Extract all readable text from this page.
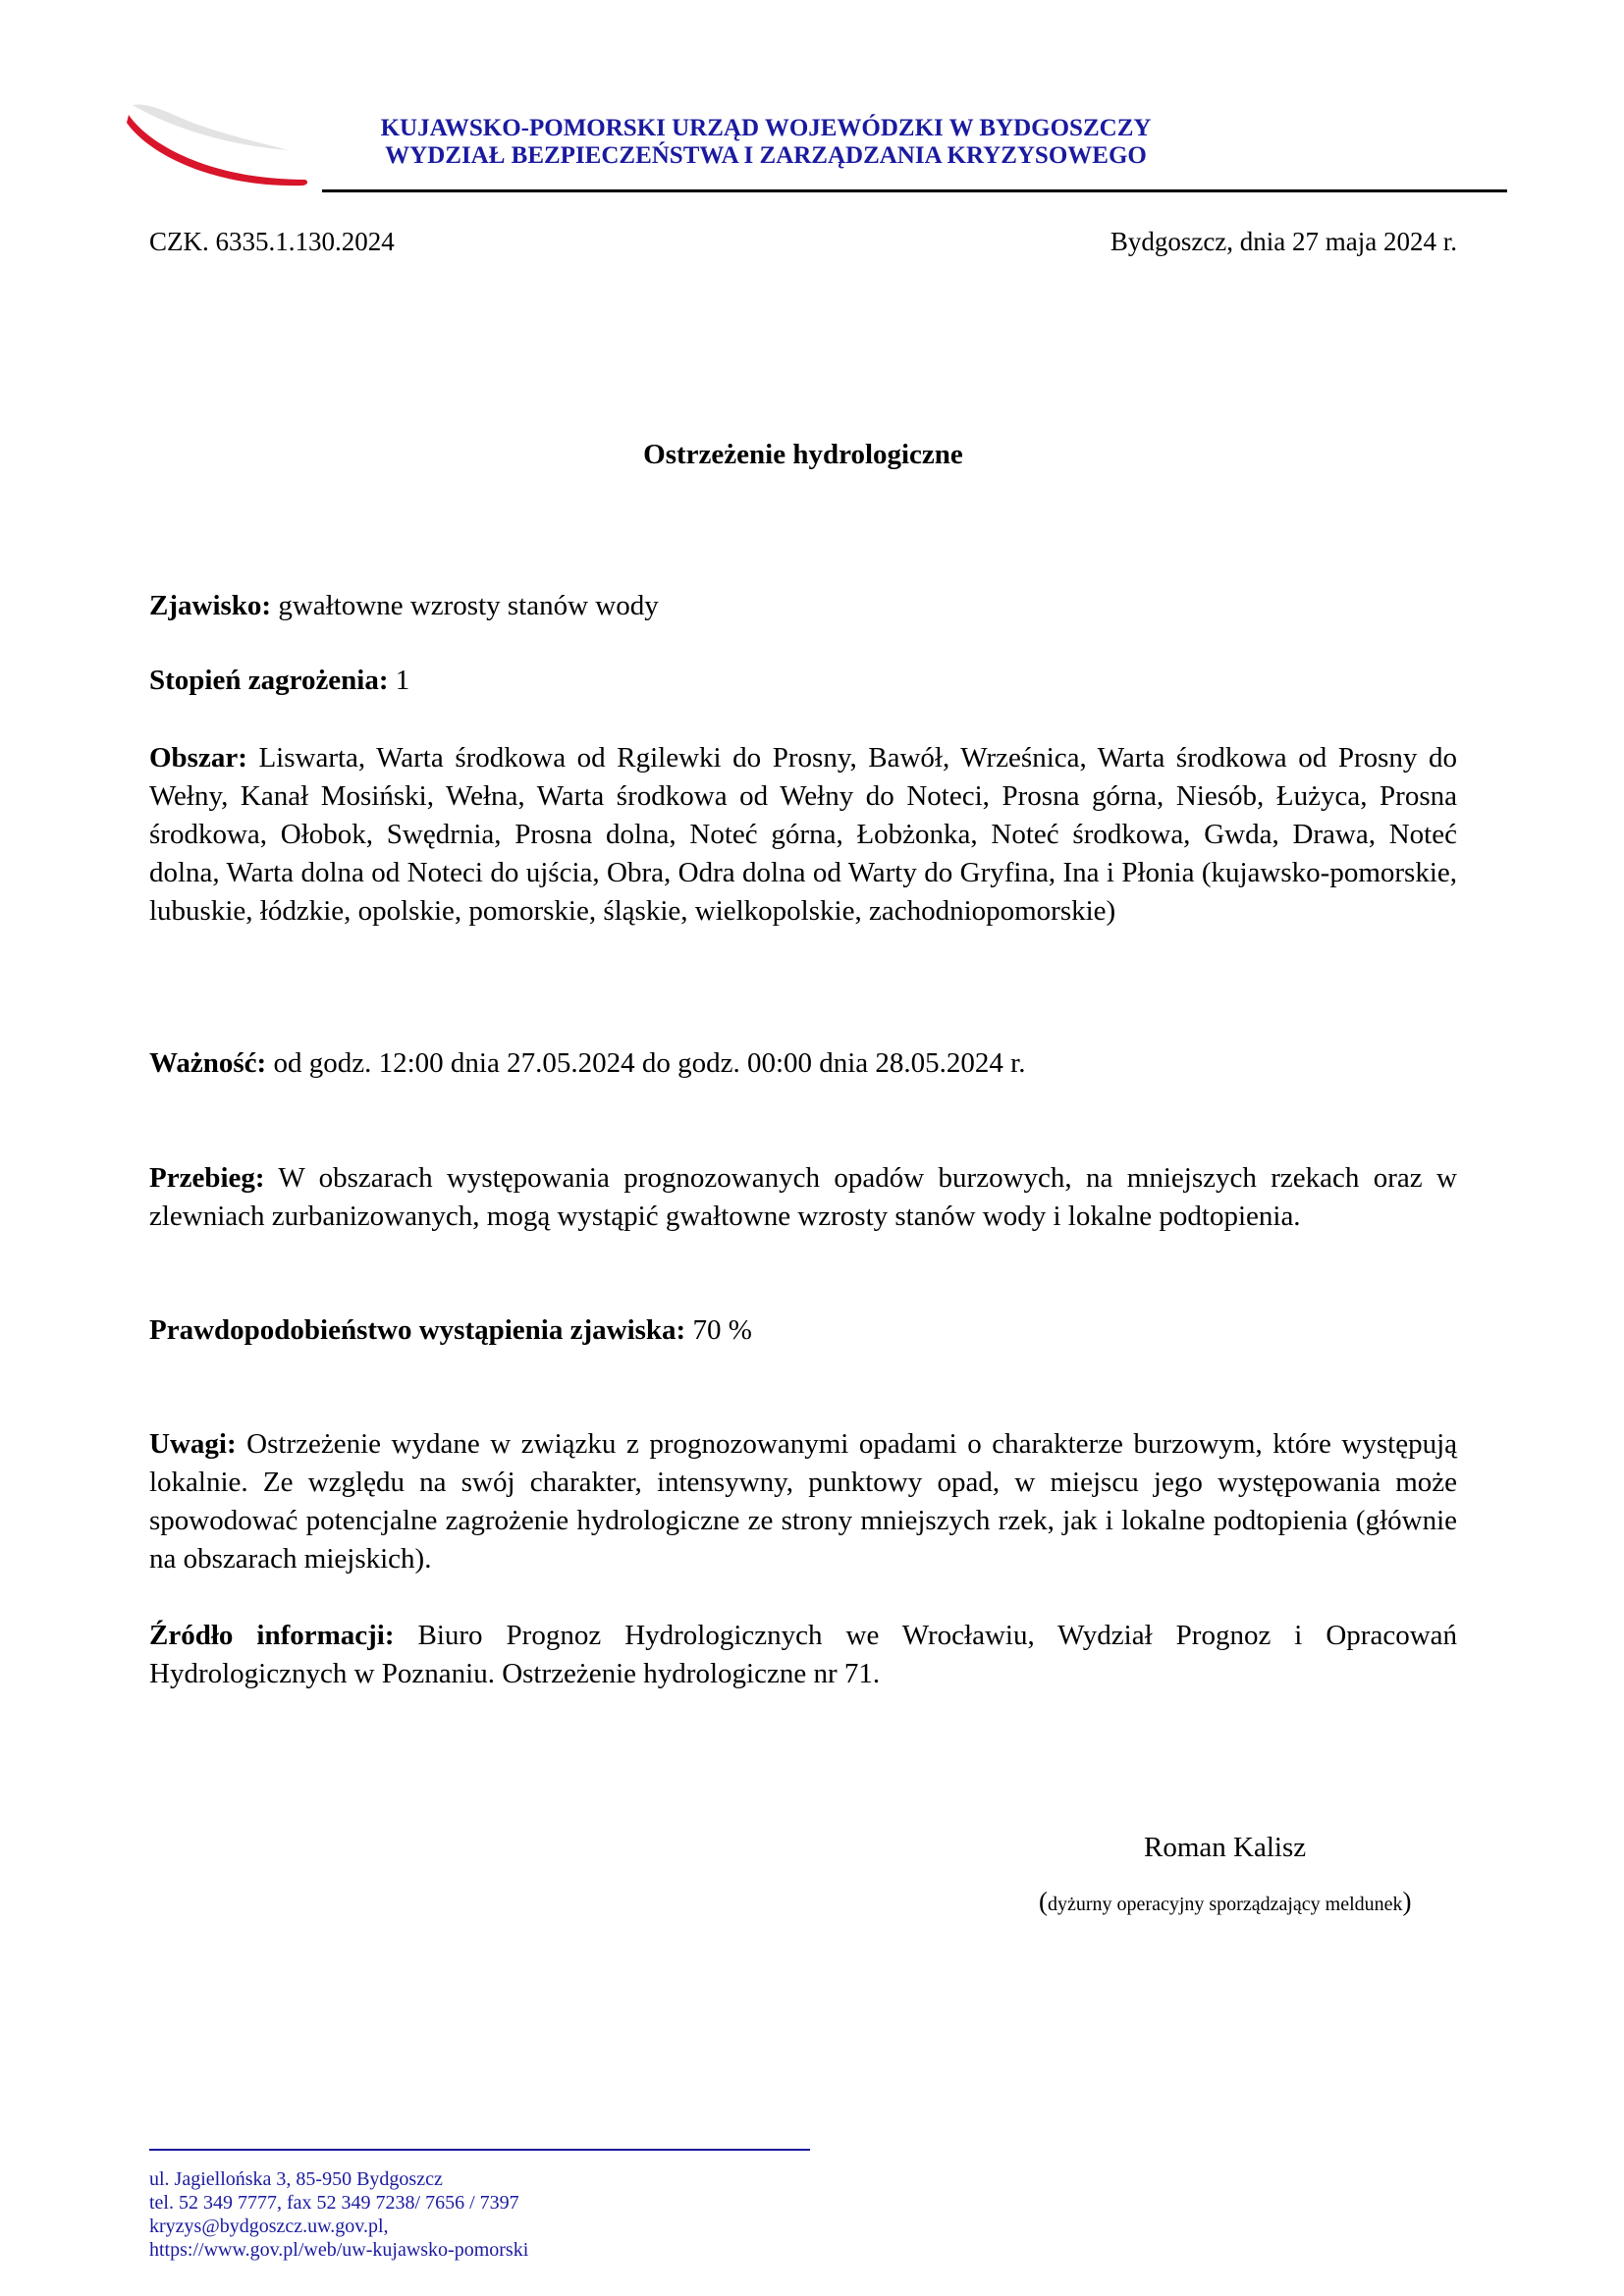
KUJAWSKO-POMORSKI URZĄD WOJEWÓDZKI W BYDGOSZCZY
WYDZIAŁ BEZPIECZEŃSTWA I ZARZĄDZANIA KRYZYSOWEGO
CZK. 6335.1.130.2024	Bydgoszcz, dnia 27 maja 2024 r.
Ostrzeżenie hydrologiczne
Zjawisko: gwałtowne wzrosty stanów wody
Stopień zagrożenia: 1
Obszar: Liswarta, Warta środkowa od Rgilewki do Prosny, Bawół, Wrześnica, Warta środkowa od Prosny do Wełny, Kanał Mosiński, Wełna, Warta środkowa od Wełny do Noteci, Prosna górna, Niesób, Łużyca, Prosna środkowa, Ołobok, Swędrnia, Prosna dolna, Noteć górna, Łobżonka, Noteć środkowa, Gwda, Drawa, Noteć dolna, Warta dolna od Noteci do ujścia, Obra, Odra dolna od Warty do Gryfina, Ina i Płonia (kujawsko-pomorskie, lubuskie, łódzkie, opolskie, pomorskie, śląskie, wielkopolskie, zachodniopomorskie)
Ważność: od godz. 12:00 dnia 27.05.2024 do godz. 00:00 dnia 28.05.2024 r.
Przebieg: W obszarach występowania prognozowanych opadów burzowych, na mniejszych rzekach oraz w zlewniach zurbanizowanych, mogą wystąpić gwałtowne wzrosty stanów wody i lokalne podtopienia.
Prawdopodobieństwo wystąpienia zjawiska: 70 %
Uwagi: Ostrzeżenie wydane w związku z prognozowanymi opadami o charakterze burzowym, które występują lokalnie. Ze względu na swój charakter, intensywny, punktowy opad, w miejscu jego występowania może spowodować potencjalne zagrożenie hydrologiczne ze strony mniejszych rzek, jak i lokalne podtopienia (głównie na obszarach miejskich).
Źródło informacji: Biuro Prognoz Hydrologicznych we Wrocławiu, Wydział Prognoz i Opracowań Hydrologicznych w Poznaniu. Ostrzeżenie hydrologiczne nr 71.
Roman Kalisz
(dyżurny operacyjny sporządzający meldunek)
ul. Jagiellońska 3, 85-950 Bydgoszcz
tel. 52 349 7777, fax 52 349 7238/ 7656 / 7397
kryzys@bydgoszcz.uw.gov.pl,
https://www.gov.pl/web/uw-kujawsko-pomorski
